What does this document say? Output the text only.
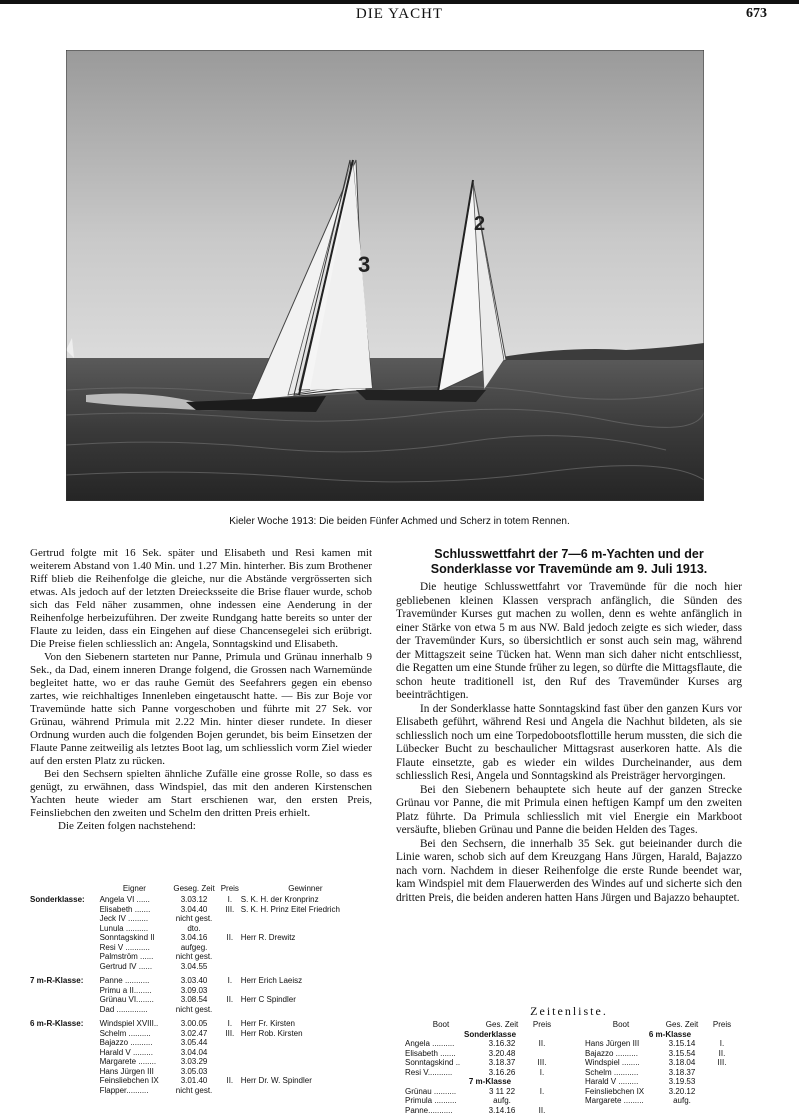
DIE YACHT	673
3
2
Kieler Woche 1913: Die beiden Fünfer Achmed und Scherz in totem Rennen.

Gertrud folgte mit 16 Sek. später und Elisabeth und Resi kamen mit weiterem Abstand von 1.40 Min. und 1.27 Min. hinterher. Bis zum Brothener Riff blieb die Reihenfolge die gleiche, nur die Abstände vergrösserten sich etwas. Als jedoch auf der letzten Dreiecksseite die Brise flauer wurde, schob sich das Feld näher zusammen, ohne indessen eine Aenderung in der Reihenfolge herbeizuführen. Der zweite Rundgang hatte bereits so unter der Flaute zu leiden, dass ein Eingehen auf diese Chancensegelei sich erübrigt. Die Preise fielen schliesslich an: Angela, Sonntagskind und Elisabeth.

Von den Siebenern starteten nur Panne, Primula und Grünau innerhalb 9 Sek., da Dad, einem inneren Drange folgend, die Grossen nach Warnemünde begleitet hatte, wo er das rauhe Gemüt des Seefahrers gegen ein ebenso zartes, wie reichhaltiges Innenleben eingetauscht hatte. — Bis zur Boje vor Travemünde hatte sich Panne vorgeschoben und führte mit 27 Sek. vor Grünau, während Primula mit 2.22 Min. hinter dieser rundete. In dieser Ordnung wurden auch die folgenden Bojen gerundet, bis beim Einsetzen der Flaute Panne zeitweilig als letztes Boot lag, um schliesslich vorm Ziel wieder auf den ersten Platz zu rücken.

Bei den Sechsern spielten ähnliche Zufälle eine grosse Rolle, so dass es genügt, zu erwähnen, dass Windspiel, das mit den anderen Kirstenschen Yachten heute wieder am Start erschienen war, den ersten Preis, Feinsliebchen den zweiten und Schelm den dritten Preis erhielt.

Die Zeiten folgen nachstehend:

Eigner	Geseg. Zeit Preis	Gewinner
Sonderklasse:	Angela VI ......	3.03.12	I.	S. K. H. der Kronprinz
Elisabeth .......	3.04.40	III. S. K. H. Prinz Eitel Friedrich
Jeck IV .........	nicht gest.
Lunula ..........	dto.
Sonntagskind II	3.04.16	II. Herr R. Drewitz
Resi V ...........	aufgeg.
Palmström ......	nicht gest.
Gertrud IV ......	3.04.55
7 m-R-Klasse:	Panne ...........	3.03.40	I.	Herr Erich Laeisz
Primu a II........	3.09.03
Grünau VI........	3.08.54	II. Herr C Spindler
Dad ..............	nicht gest.
6 m-R-Klasse:	Windspiel XVIII..	3.00.05	I.	Herr Fr. Kirsten
Schelm ..........	3.02.47	III. Herr Rob. Kirsten
Bajazzo ..........	3.05.44
Harald V .........	3.04.04
Margarete ........	3.03.29
Hans Jürgen III	3.05.03
Feinsliebchen IX	3.01.40	II. Herr Dr. W. Spindler
Flapper..........	nicht gest.
Schlusswettfahrt der 7—6 m-Yachten und der
Sonderklasse vor Travemünde am 9. Juli 1913.

Die heutige Schlusswettfahrt vor Travemünde für die noch hier gebliebenen kleinen Klassen versprach anfänglich, die Sünden des Travemünder Kurses gut machen zu wollen, denn es wehte anfänglich in einer Stärke von etwa 5 m aus NW. Bald jedoch zeigte es sich wieder, dass der Travemünder Kurs, so übersichtlich er sonst auch sein mag, während der Mittagszeit seine Tücken hat. Wenn man sich daher nicht entschliesst, die Regatten um eine Stunde früher zu legen, so dürfte die Mittagsflaute, die schon heute traditionell ist, den Ruf des Travemünder Kurses arg beeinträchtigen.

In der Sonderklasse hatte Sonntagskind fast über den ganzen Kurs vor Elisabeth geführt, während Resi und Angela die Nachhut bildeten, als sie schliesslich noch um eine Torpedobootsflottille herum mussten, die sich die Lübecker Bucht zu beschaulicher Mittagsrast auserkoren hatte. Als die Flaute einsetzte, gab es wieder ein wildes Durcheinander, aus dem schliesslich Resi, Angela und Sonntagskind als Preisträger hervorgingen.

Bei den Siebenern behauptete sich heute auf der ganzen Strecke Grünau vor Panne, die mit Primula einen heftigen Kampf um den zweiten Platz führte. Da Primula schliesslich mit viel Energie ein Markboot versäufte, blieben Grünau und Panne die beiden Helden des Tages.

Bei den Sechsern, die innerhalb 35 Sek. gut beieinander durch die Linie waren, schob sich auf dem Kreuzgang Hans Jürgen, Harald, Bajazzo nach vorn. Nachdem in dieser Reihenfolge die erste Runde beendet war, kam Windspiel mit dem Flauerwerden des Windes auf und sicherte sich den dritten Preis, die beiden anderen hatten Hans Jürgen und Bajazzo behauptet.

Zeitenliste.
Boot	Ges. Zeit	Preis
Sonderklasse
Angela ..........	3.16.32	II.
Elisabeth .......	3.20.48
Sonntagskind ..	3.18.37	III.
Resi V...........	3.16.26	I.
7 m-Klasse
Grünau ..........	3 11 22	I.
Primula ..........	aufg.
Panne...........	3.14.16	II.
Boot	Ges. Zeit	Preis
6 m-Klasse
Hans Jürgen III	3.15.14	I.
Bajazzo ..........	3.15.54	II.
Windspiel ........	3.18.04	III.
Schelm ...........	3.18.37
Harald V .........	3.19.53
Feinsliebchen IX	3.20.12
Margarete .........	aufg.
